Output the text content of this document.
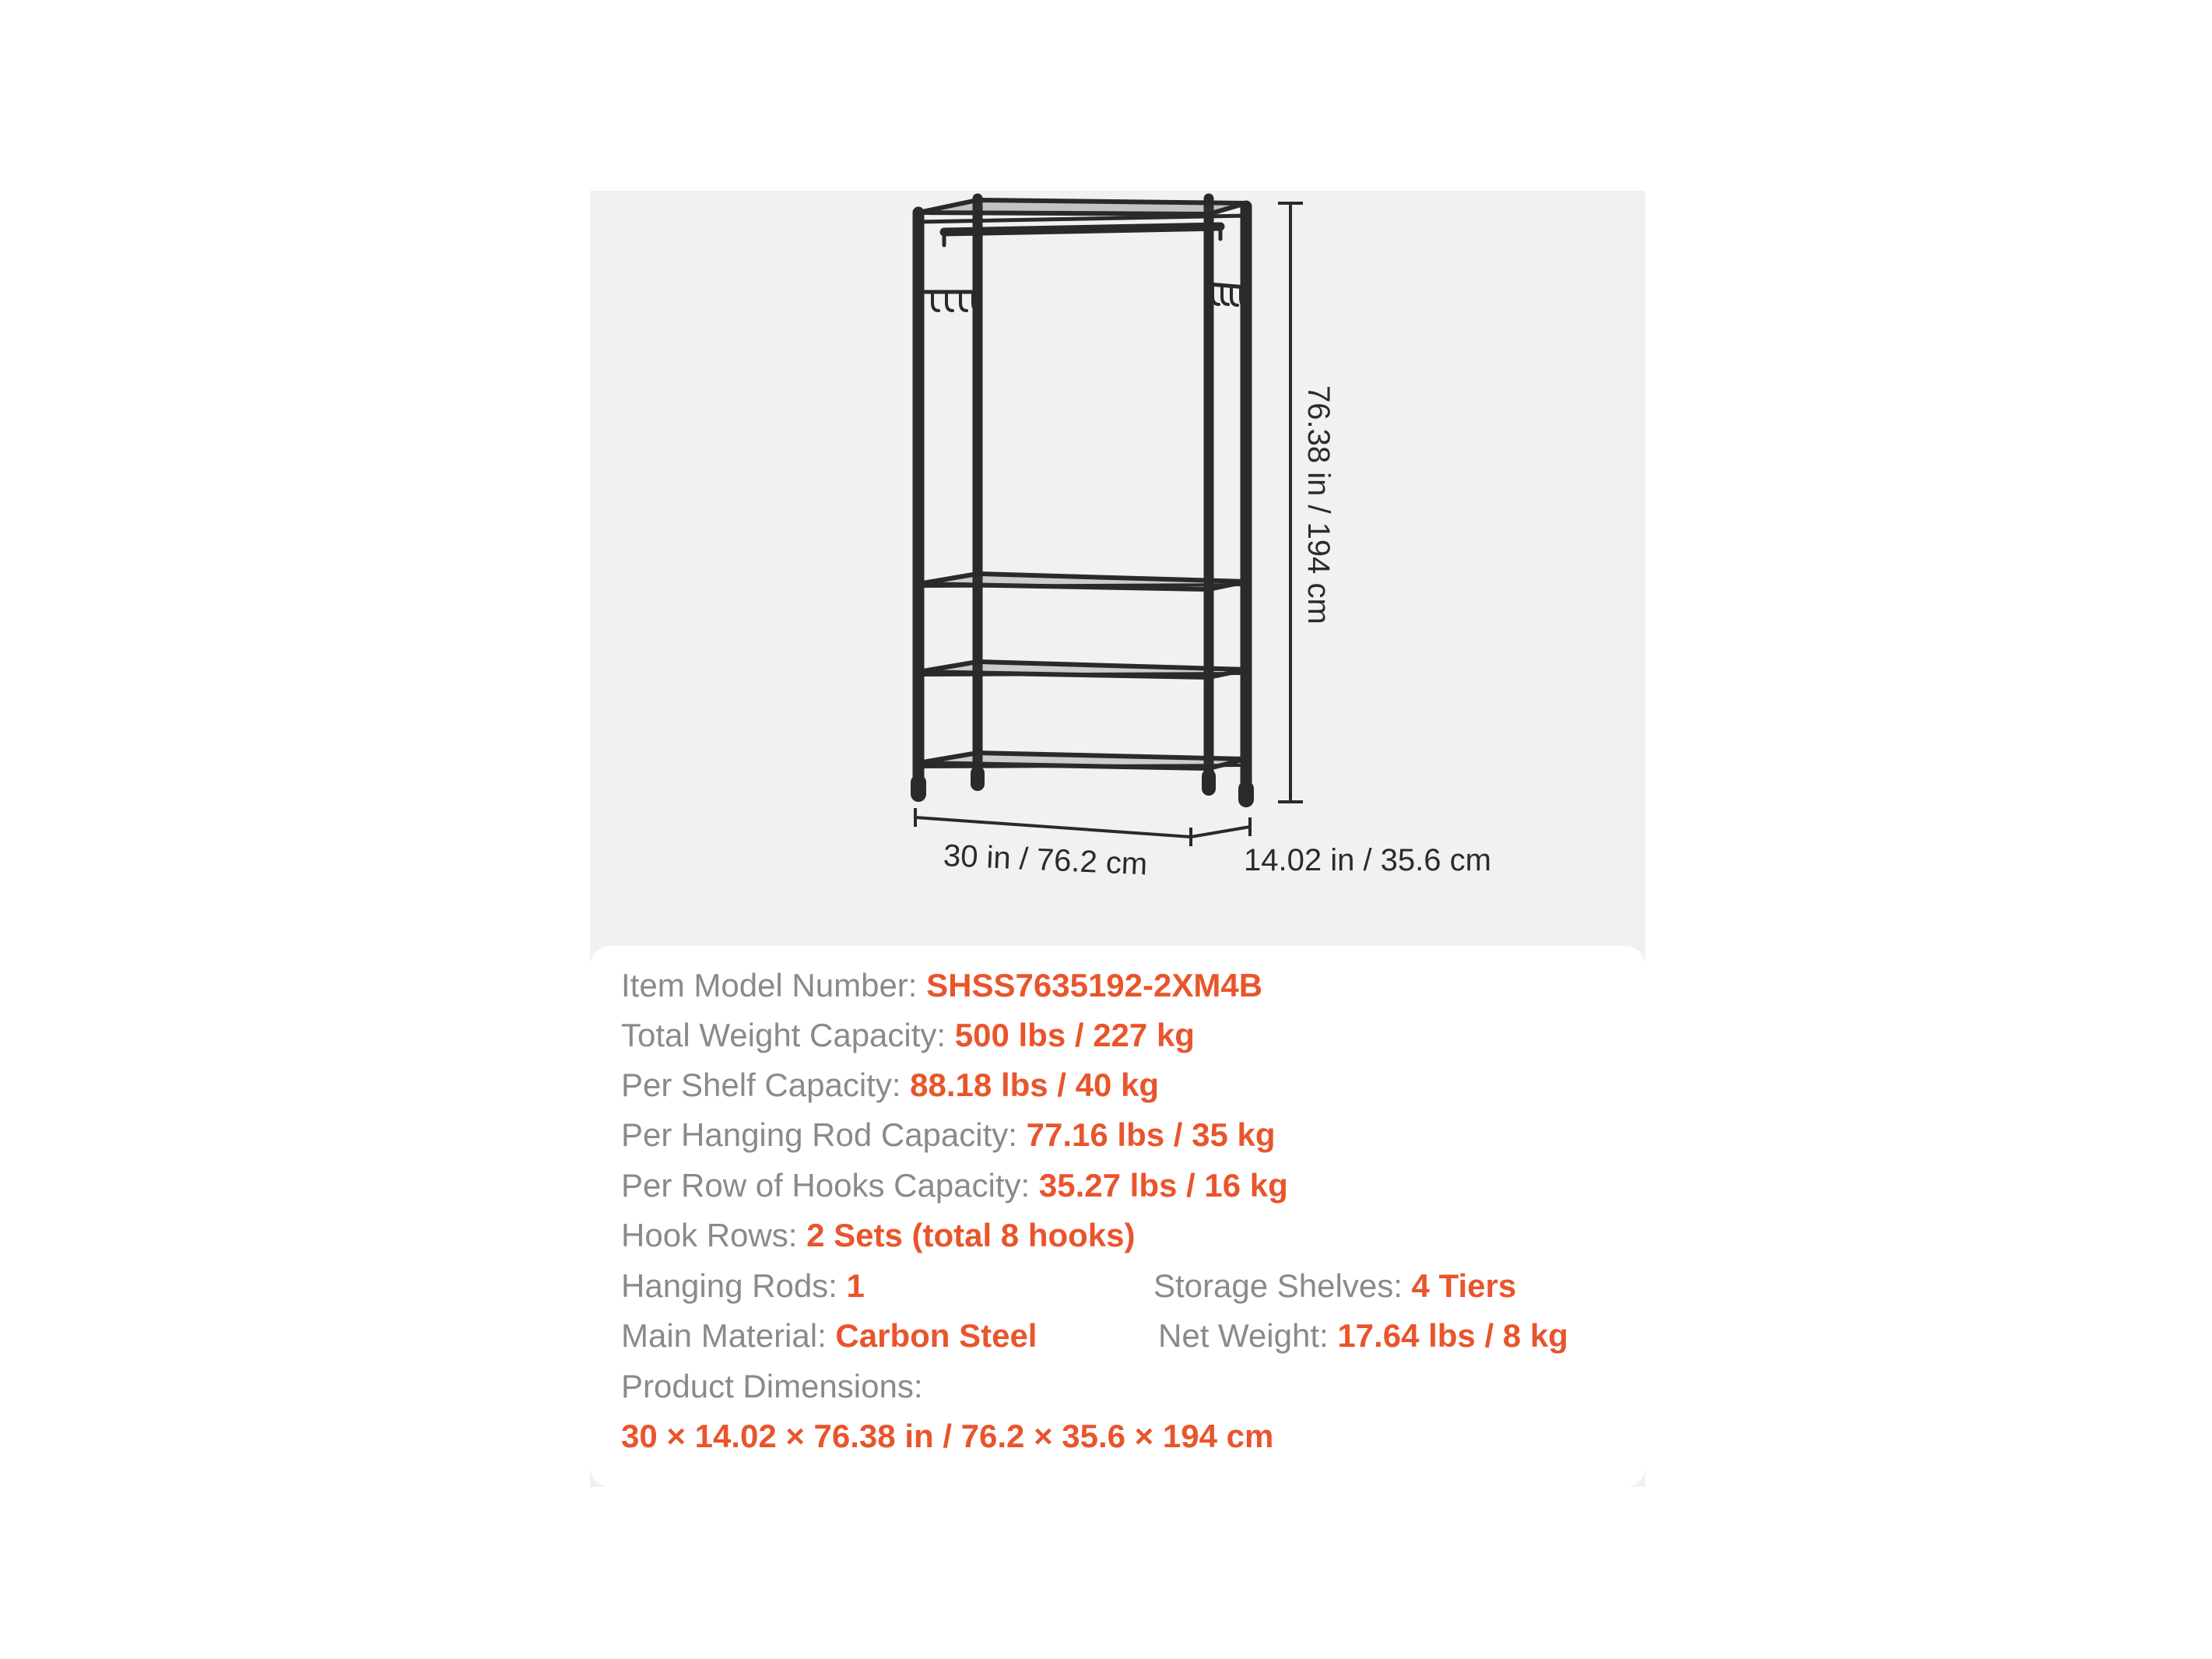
76.38 in / 194 cm
30 in / 76.2 cm	14.02 in / 35.6 cm
Item Model Number: SHSS7635192-2XM4B
Total Weight Capacity: 500 lbs / 227 kg
Per Shelf Capacity: 88.18 lbs / 40 kg
Per Hanging Rod Capacity: 77.16 lbs / 35 kg
Per Row of Hooks Capacity: 35.27 lbs / 16 kg
Hook Rows: 2 Sets (total 8 hooks)
Hanging Rods: 1	Storage Shelves: 4 Tiers
Main Material: Carbon Steel	Net Weight: 17.64 lbs / 8 kg
Product Dimensions:
30 × 14.02 × 76.38 in / 76.2 × 35.6 × 194 cm
